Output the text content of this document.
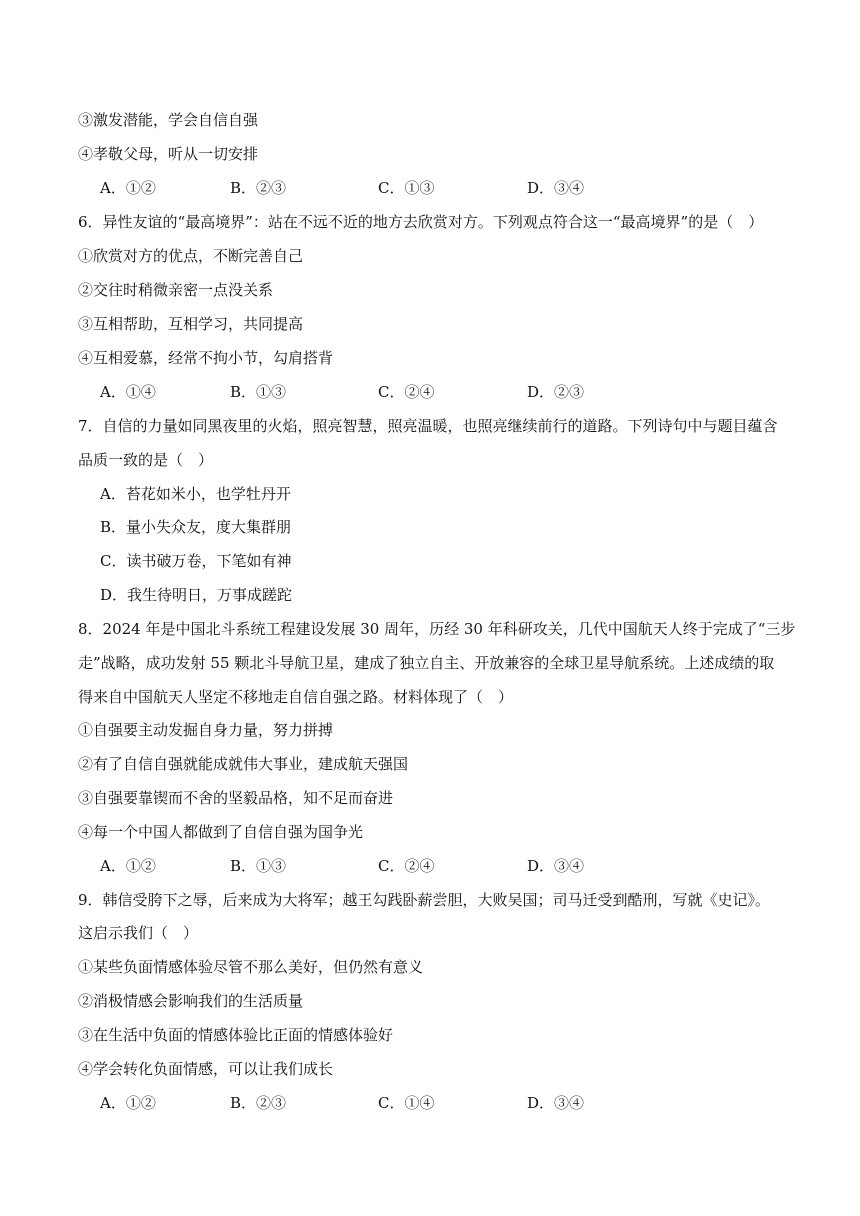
③激发潜能，学会自信自强
④孝敬父母，听从一切安排
A．①②	B．②③	C．①③	D．③④
6．异性友谊的“最高境界”：站在不远不近的地方去欣赏对方。下列观点符合这一“最高境界”的是（　）
①欣赏对方的优点，不断完善自己
②交往时稍微亲密一点没关系
③互相帮助，互相学习，共同提高
④互相爱慕，经常不拘小节，勾肩搭背
A．①④	B．①③	C．②④	D．②③
7．自信的力量如同黑夜里的火焰，照亮智慧，照亮温暖，也照亮继续前行的道路。下列诗句中与题目蕴含
品质一致的是（　）
A．苔花如米小，也学牡丹开
B．量小失众友，度大集群朋
C．读书破万卷，下笔如有神
D．我生待明日，万事成蹉跎
8．2024 年是中国北斗系统工程建设发展 30 周年，历经 30 年科研攻关，几代中国航天人终于完成了“三步
走”战略，成功发射 55 颗北斗导航卫星，建成了独立自主、开放兼容的全球卫星导航系统。上述成绩的取
得来自中国航天人坚定不移地走自信自强之路。材料体现了（　）
①自强要主动发掘自身力量，努力拼搏
②有了自信自强就能成就伟大事业，建成航天强国
③自强要靠锲而不舍的坚毅品格，知不足而奋进
④每一个中国人都做到了自信自强为国争光
A．①②	B．①③	C．②④	D．③④
9．韩信受胯下之辱，后来成为大将军；越王勾践卧薪尝胆，大败吴国；司马迁受到酷刑，写就《史记》。
这启示我们（　）
①某些负面情感体验尽管不那么美好，但仍然有意义
②消极情感会影响我们的生活质量
③在生活中负面的情感体验比正面的情感体验好
④学会转化负面情感，可以让我们成长
A．①②	B．②③	C．①④	D．③④
